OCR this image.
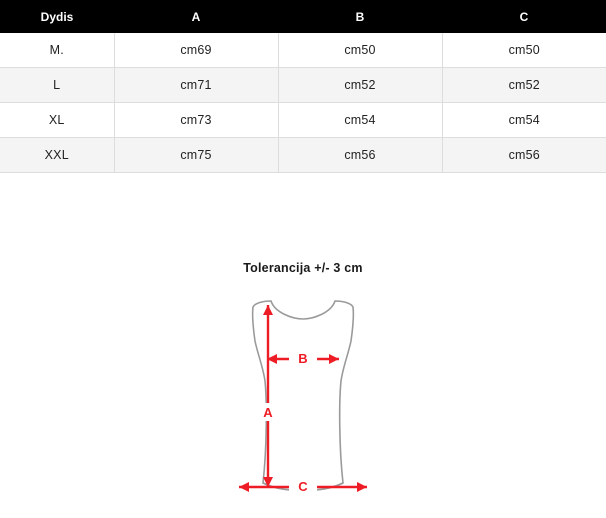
Dydis	A	B	C
M.	cm69	cm50	cm50
L	cm71	cm52	cm52
XL	cm73	cm54	cm54
XXL	cm75	cm56	cm56
Tolerancija +/- 3 cm
B
A
C
